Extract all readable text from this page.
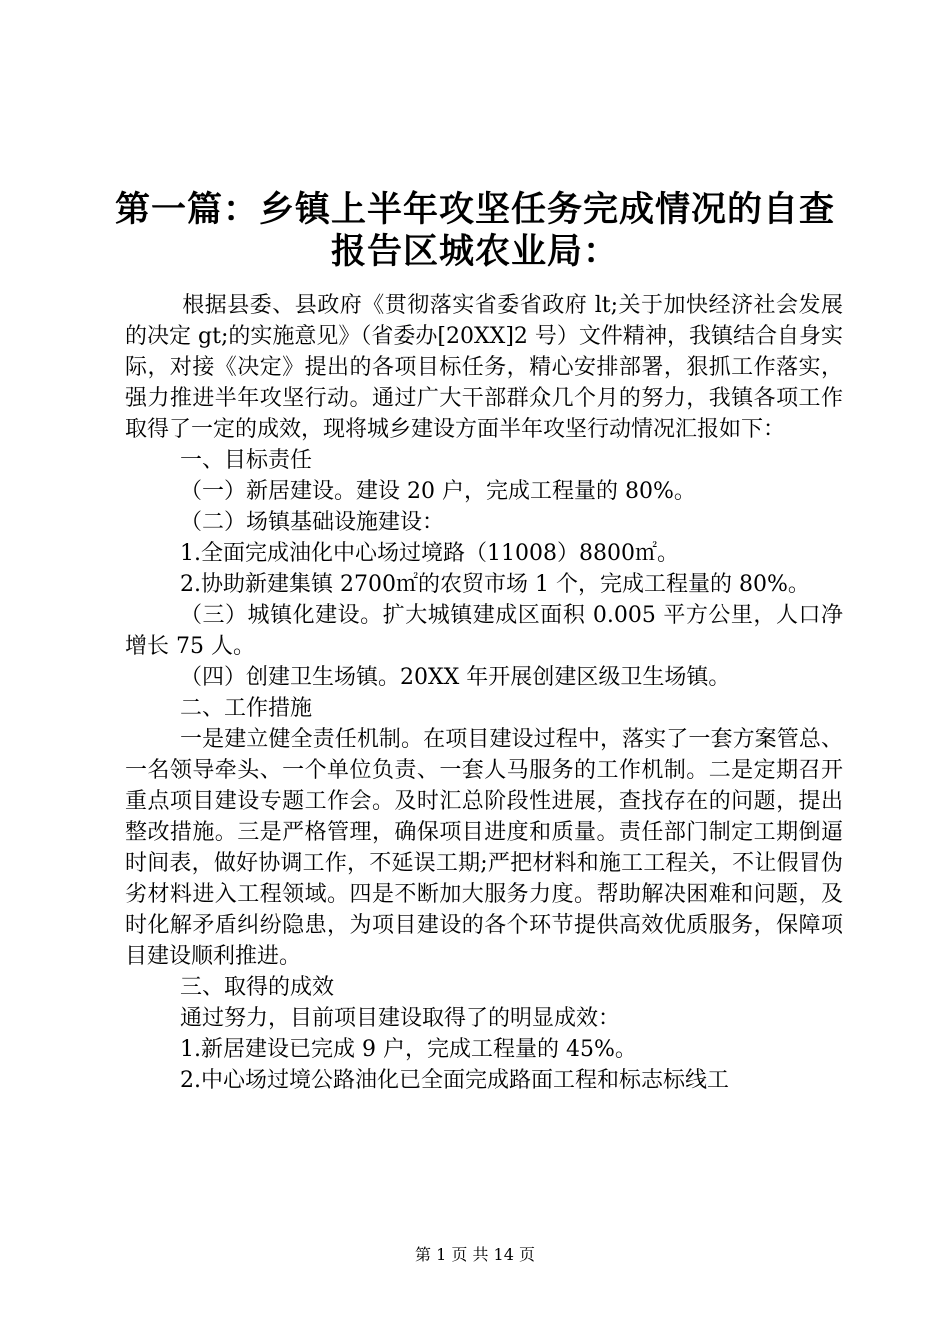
第一篇：乡镇上半年攻坚任务完成情况的自查
报告区城农业局：

根据县委、县政府《贯彻落实省委省政府 lt;关于加快经济社会发展的决定 gt;的实施意见》（省委办[20XX]2 号）文件精神，我镇结合自身实际，对接《决定》提出的各项目标任务，精心安排部署，狠抓工作落实，强力推进半年攻坚行动。通过广大干部群众几个月的努力，我镇各项工作取得了一定的成效，现将城乡建设方面半年攻坚行动情况汇报如下：

一、目标责任

（一）新居建设。建设 20 户，完成工程量的 80%。

（二）场镇基础设施建设：

1.全面完成油化中心场过境路（11008）8800㎡。

2.协助新建集镇 2700㎡的农贸市场 1 个，完成工程量的 80%。

（三）城镇化建设。扩大城镇建成区面积 0.005 平方公里，人口净增长 75 人。

（四）创建卫生场镇。20XX 年开展创建区级卫生场镇。

二、工作措施

一是建立健全责任机制。在项目建设过程中，落实了一套方案管总、一名领导牵头、一个单位负责、一套人马服务的工作机制。二是定期召开重点项目建设专题工作会。及时汇总阶段性进展，查找存在的问题，提出整改措施。三是严格管理，确保项目进度和质量。责任部门制定工期倒逼时间表，做好协调工作，不延误工期;严把材料和施工工程关，不让假冒伪劣材料进入工程领域。四是不断加大服务力度。帮助解决困难和问题，及时化解矛盾纠纷隐患，为项目建设的各个环节提供高效优质服务，保障项目建设顺利推进。

三、取得的成效

通过努力，目前项目建设取得了的明显成效：

1.新居建设已完成 9 户，完成工程量的 45%。

2.中心场过境公路油化已全面完成路面工程和标志标线工

第 1 页 共 14 页
